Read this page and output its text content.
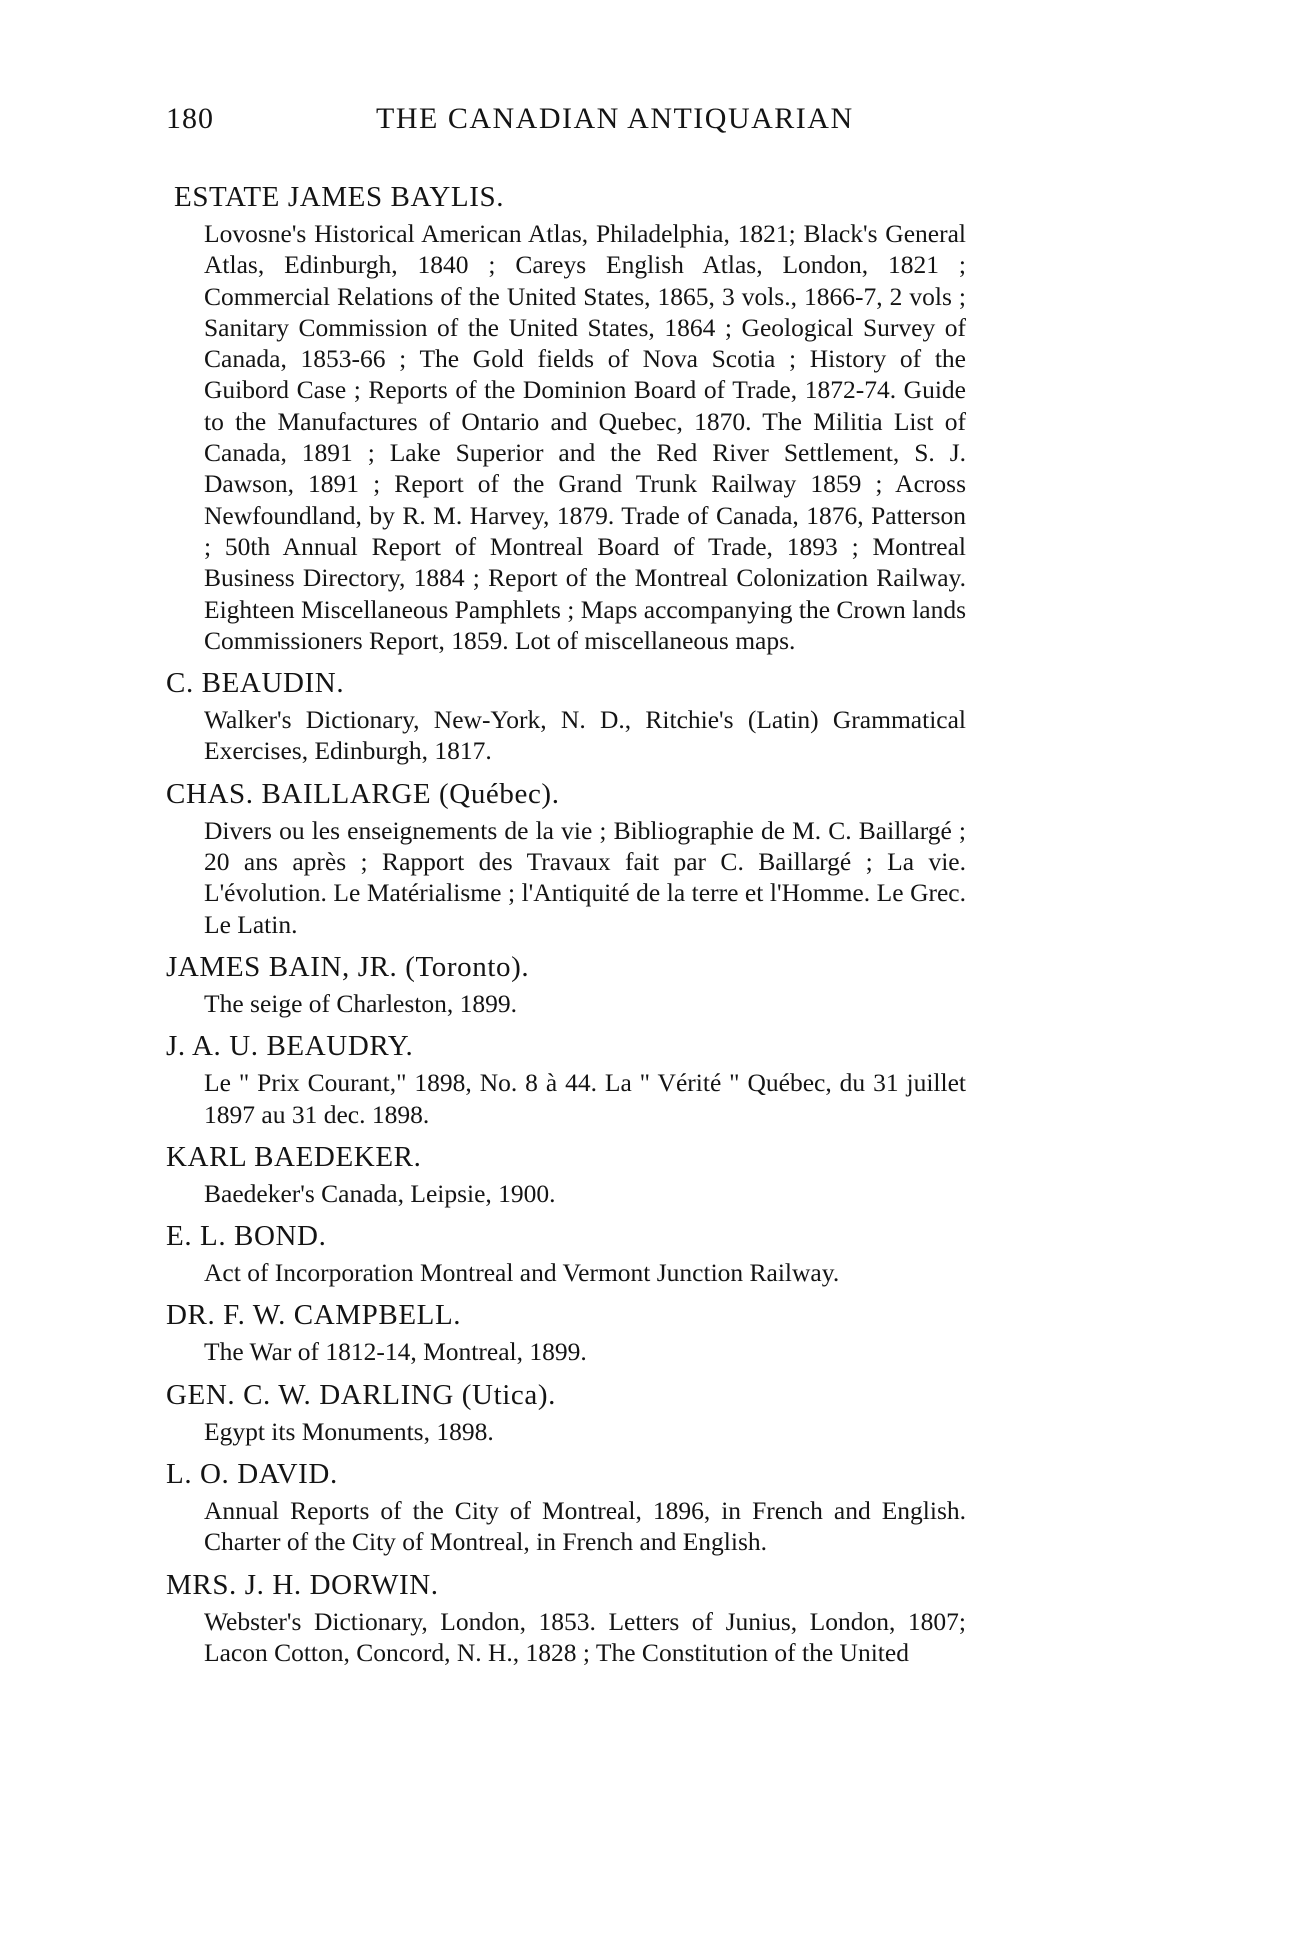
180	THE CANADIAN ANTIQUARIAN

ESTATE JAMES BAYLIS.

Lovosne's Historical American Atlas, Philadelphia, 1821; Black's General Atlas, Edinburgh, 1840 ; Careys English Atlas, London, 1821 ; Commercial Relations of the United States, 1865, 3 vols., 1866-7, 2 vols ; Sanitary Commission of the United States, 1864 ; Geological Survey of Canada, 1853-66 ; The Gold fields of Nova Scotia ; History of the Guibord Case ; Reports of the Dominion Board of Trade, 1872-74. Guide to the Manufactures of Ontario and Quebec, 1870. The Militia List of Canada, 1891 ; Lake Superior and the Red River Settlement, S. J. Dawson, 1891 ; Report of the Grand Trunk Railway 1859 ; Across Newfoundland, by R. M. Harvey, 1879. Trade of Canada, 1876, Patterson ; 50th Annual Report of Montreal Board of Trade, 1893 ; Montreal Business Directory, 1884 ; Report of the Montreal Colonization Railway. Eighteen Miscellaneous Pamphlets ; Maps accompanying the Crown lands Commissioners Report, 1859. Lot of miscellaneous maps.

C. BEAUDIN.

Walker's Dictionary, New-York, N. D., Ritchie's (Latin) Grammatical Exercises, Edinburgh, 1817.

CHAS. BAILLARGE (Québec).

Divers ou les enseignements de la vie ; Bibliographie de M. C. Baillargé ; 20 ans après ; Rapport des Travaux fait par C. Baillargé ; La vie. L'évolution. Le Matérialisme ; l'Antiquité de la terre et l'Homme. Le Grec. Le Latin.

JAMES BAIN, JR. (Toronto).

The seige of Charleston, 1899.

J. A. U. BEAUDRY.

Le " Prix Courant," 1898, No. 8 à 44. La " Vérité " Québec, du 31 juillet 1897 au 31 dec. 1898.

KARL BAEDEKER.

Baedeker's Canada, Leipsie, 1900.

E. L. BOND.

Act of Incorporation Montreal and Vermont Junction Railway.

DR. F. W. CAMPBELL.

The War of 1812-14, Montreal, 1899.

GEN. C. W. DARLING (Utica).

Egypt its Monuments, 1898.

L. O. DAVID.

Annual Reports of the City of Montreal, 1896, in French and English. Charter of the City of Montreal, in French and English.

MRS. J. H. DORWIN.

Webster's Dictionary, London, 1853. Letters of Junius, London, 1807; Lacon Cotton, Concord, N. H., 1828 ; The Constitution of the United
